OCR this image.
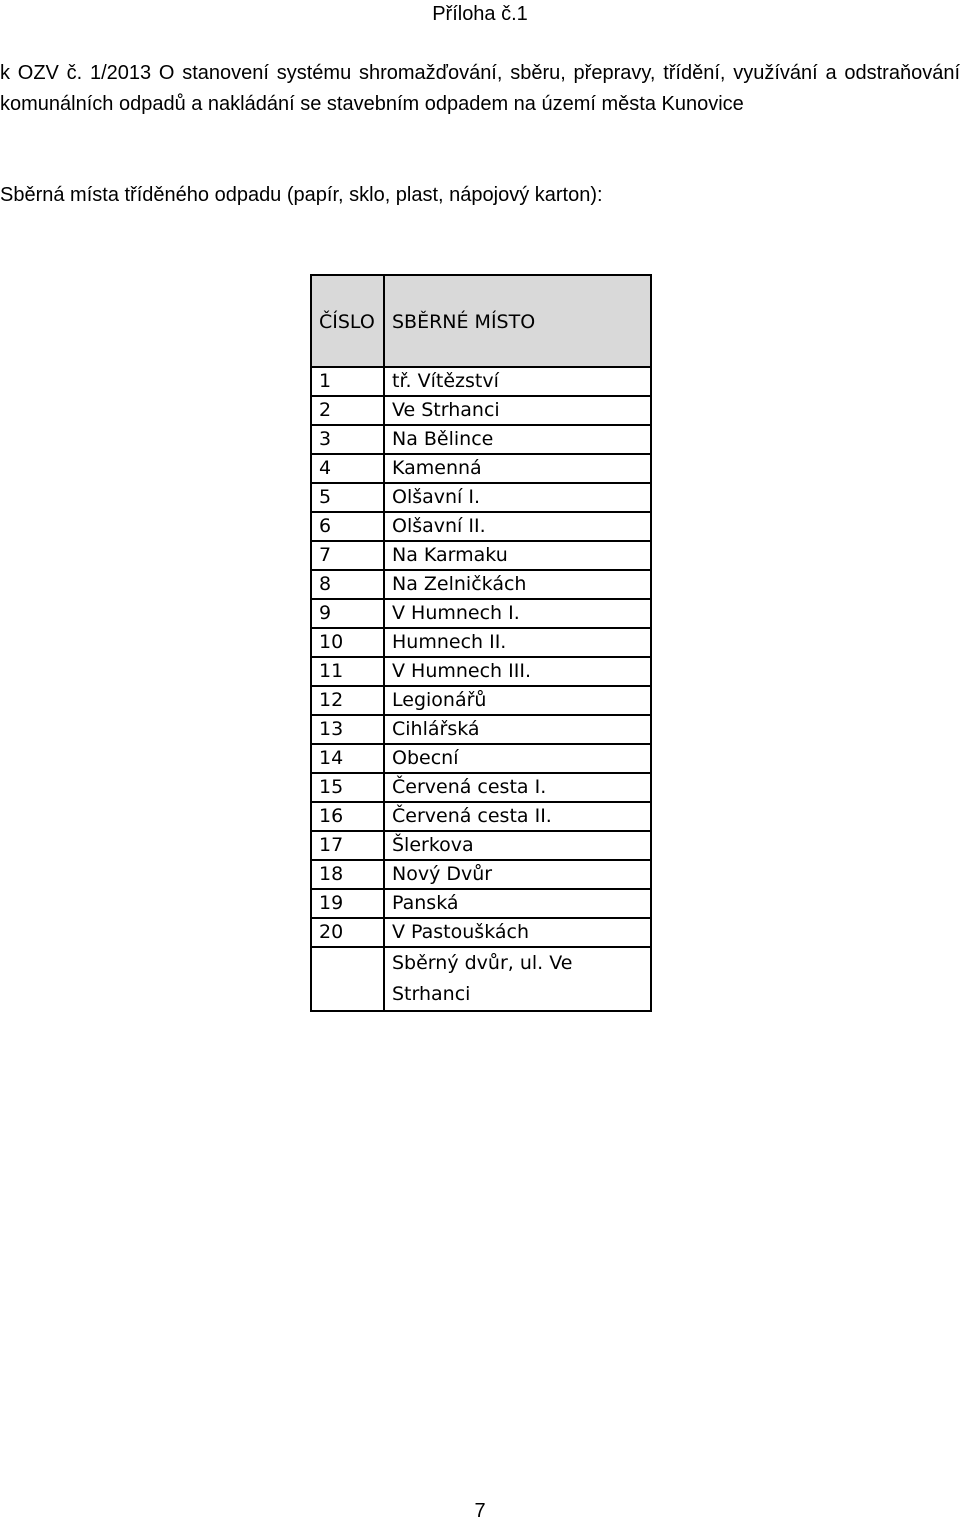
Příloha č.1
k OZV č. 1/2013 O stanovení systému shromažďování, sběru, přepravy, třídění, využívání a odstraňování komunálních odpadů a nakládání se stavebním odpadem na území města Kunovice
Sběrná místa tříděného odpadu (papír, sklo, plast, nápojový karton):
ČÍSLO	SBĚRNÉ MÍSTO
1	tř. Vítězství
2	Ve Strhanci
3	Na Bělince
4	Kamenná
5	Olšavní I.
6	Olšavní II.
7	Na Karmaku
8	Na Zelničkách
9	V Humnech I.
10	Humnech II.
11	V Humnech III.
12	Legionářů
13	Cihlářská
14	Obecní
15	Červená cesta I.
16	Červená cesta II.
17	Šlerkova
18	Nový Dvůr
19	Panská
20	V Pastouškách
	Sběrný dvůr, ul. Ve Strhanci
7
